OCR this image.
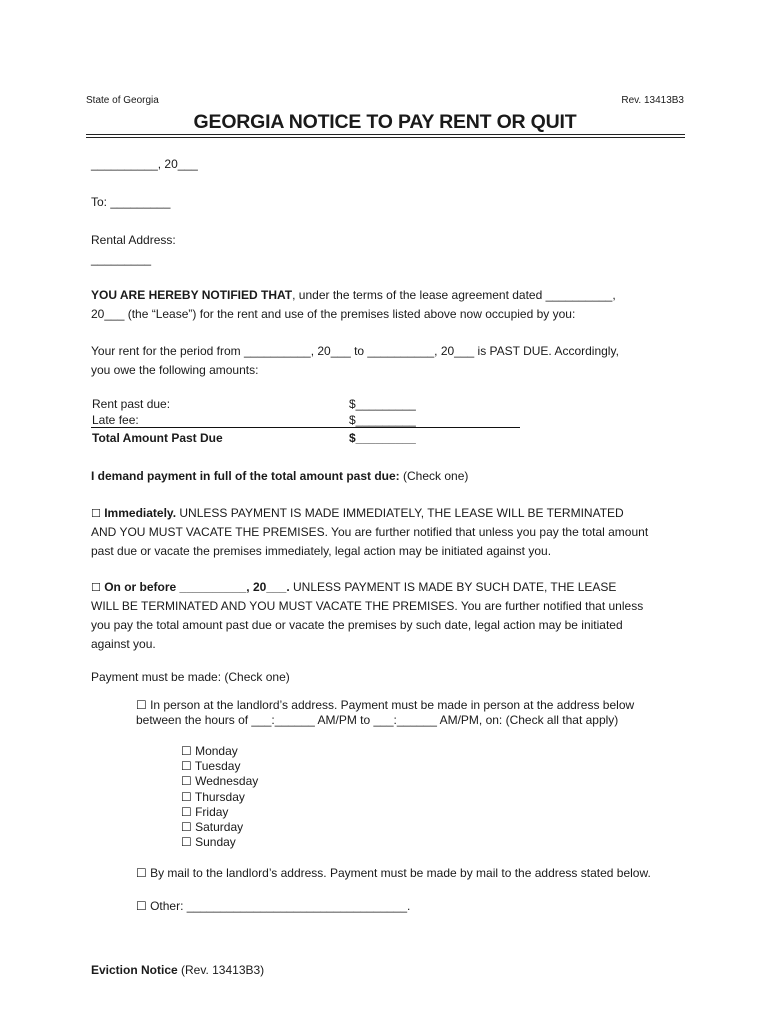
State of Georgia	Rev. 13413B3
GEORGIA NOTICE TO PAY RENT OR QUIT
__________, 20___
To: _________
Rental Address:
_________
YOU ARE HEREBY NOTIFIED THAT, under the terms of the lease agreement dated __________,
20___ (the “Lease”) for the rent and use of the premises listed above now occupied by you:
Your rent for the period from __________, 20___ to __________, 20___ is PAST DUE. Accordingly,
you owe the following amounts:
Rent past due:	$_________
Late fee:	$_________
Total Amount Past Due	$_________
I demand payment in full of the total amount past due: (Check one)
☐ Immediately. UNLESS PAYMENT IS MADE IMMEDIATELY, THE LEASE WILL BE TERMINATED
AND YOU MUST VACATE THE PREMISES. You are further notified that unless you pay the total amount
past due or vacate the premises immediately, legal action may be initiated against you.
☐ On or before __________, 20___. UNLESS PAYMENT IS MADE BY SUCH DATE, THE LEASE
WILL BE TERMINATED AND YOU MUST VACATE THE PREMISES. You are further notified that unless
you pay the total amount past due or vacate the premises by such date, legal action may be initiated
against you.
Payment must be made: (Check one)
☐ In person at the landlord’s address. Payment must be made in person at the address below
between the hours of ___:______ AM/PM to ___:______ AM/PM, on: (Check all that apply)
☐ Monday
☐ Tuesday
☐ Wednesday
☐ Thursday
☐ Friday
☐ Saturday
☐ Sunday
☐ By mail to the landlord’s address. Payment must be made by mail to the address stated below.
☐ Other: _________________________________.
Eviction Notice (Rev. 13413B3)
